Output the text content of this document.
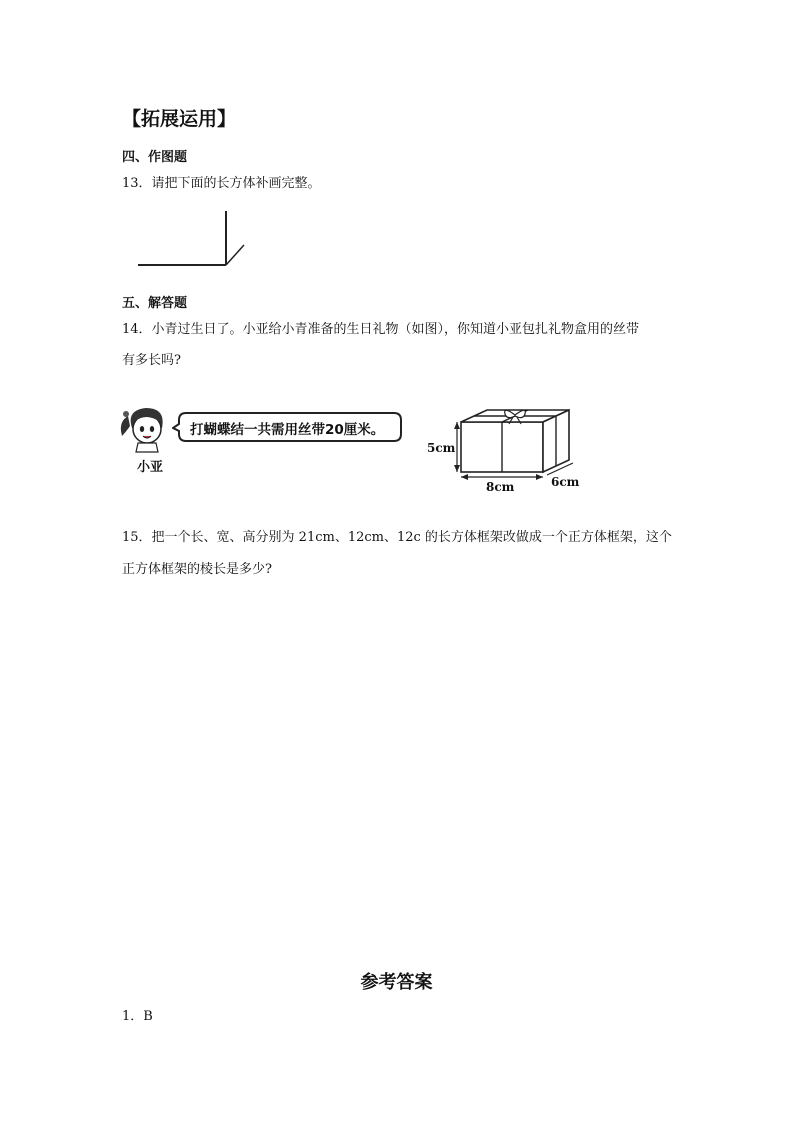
【拓展运用】
四、作图题
13．请把下面的长方体补画完整。
五、解答题
14．小青过生日了。小亚给小青准备的生日礼物（如图），你知道小亚包扎礼物盒用的丝带
有多长吗?
小亚
打蝴蝶结一共需用丝带20厘米。
5cm
8cm	6cm
15．把一个长、宽、高分别为 21cm、12cm、12c 的长方体框架改做成一个正方体框架，这个
正方体框架的棱长是多少?
参考答案
1．B
